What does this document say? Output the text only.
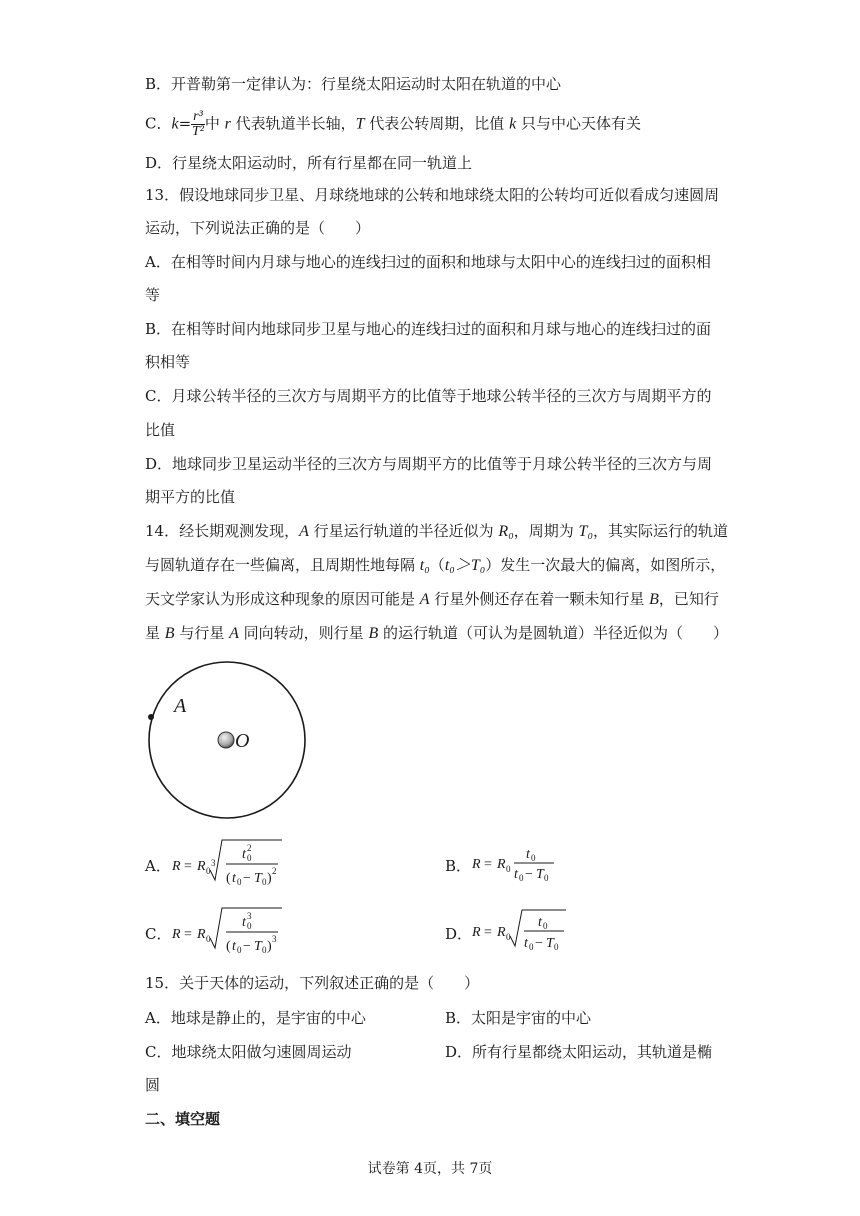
B．开普勒第一定律认为：行星绕太阳运动时太阳在轨道的中心
C．$k= \frac{\text{r³}}{\text{T²}}$ 中 r 代表轨道半长轴，T 代表公转周期，比值 k 只与中心天体有关
D．行星绕太阳运动时，所有行星都在同一轨道上
13．假设地球同步卫星、月球绕地球的公转和地球绕太阳的公转均可近似看成匀速圆周
运动，下列说法正确的是（　　）
A．在相等时间内月球与地心的连线扫过的面积和地球与太阳中心的连线扫过的面积相
等
B．在相等时间内地球同步卫星与地心的连线扫过的面积和月球与地心的连线扫过的面
积相等
C．月球公转半径的三次方与周期平方的比值等于地球公转半径的三次方与周期平方的
比值
D．地球同步卫星运动半径的三次方与周期平方的比值等于月球公转半径的三次方与周
期平方的比值
14．经长期观测发现，A 行星运行轨道的半径近似为 R₀，周期为 T₀，其实际运行的轨道
与圆轨道存在一些偏离，且周期性地每隔 t₀（t₀＞T₀）发生一次最大的偏离，如图所示，
天文学家认为形成这种现象的原因可能是 A 行星外侧还存在着一颗未知行星 B，已知行
星 B 与行星 A 同向转动，则行星 B 的运行轨道（可认为是圆轨道）半径近似为（　　）
A
O
A． R = R 0
3
t 0
2
( t 0 − T 0 ) 2	B． R = R 0
t 0
t 0 − T 0
C． R = R 0
t 0
3
( t 0 − T 0 ) 3	D． R = R 0
t 0
t 0 − T 0
15．关于天体的运动，下列叙述正确的是（　　）
A．地球是静止的，是宇宙的中心	B．太阳是宇宙的中心
C．地球绕太阳做匀速圆周运动	D．所有行星都绕太阳运动，其轨道是椭
圆
二、填空题
试卷第 4页，共 7页
